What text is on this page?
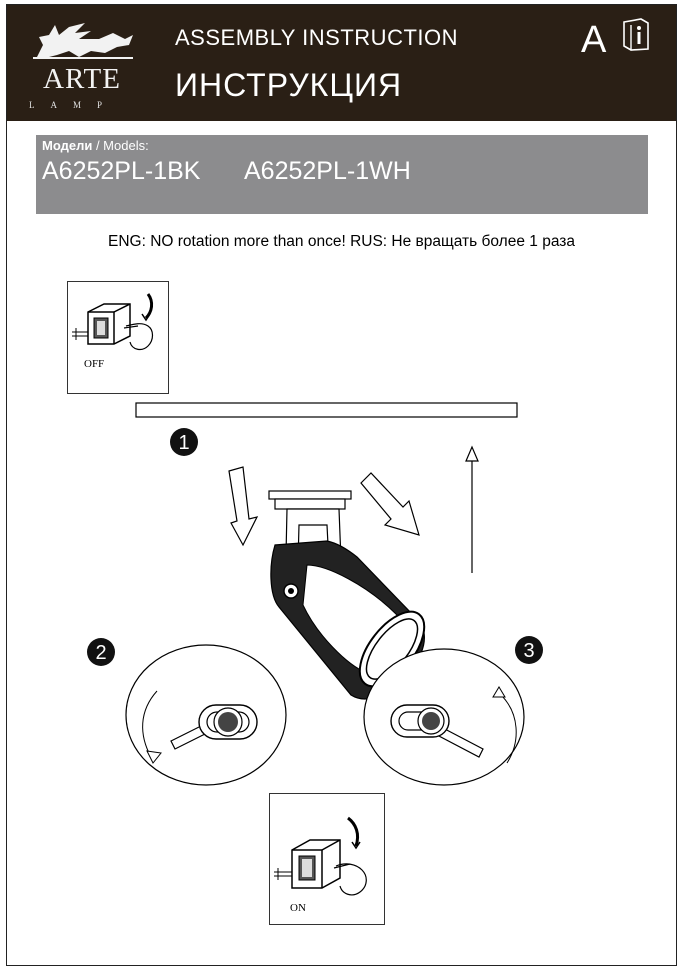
ARTE
LAMP
ASSEMBLY INSTRUCTION
ИНСТРУКЦИЯ
A
Модели / Models:
A6252PL-1BK A6252PL-1WH
ENG: NO rotation more than once! RUS: Не вращать более 1 раза
OFF
ON
1
2	3
